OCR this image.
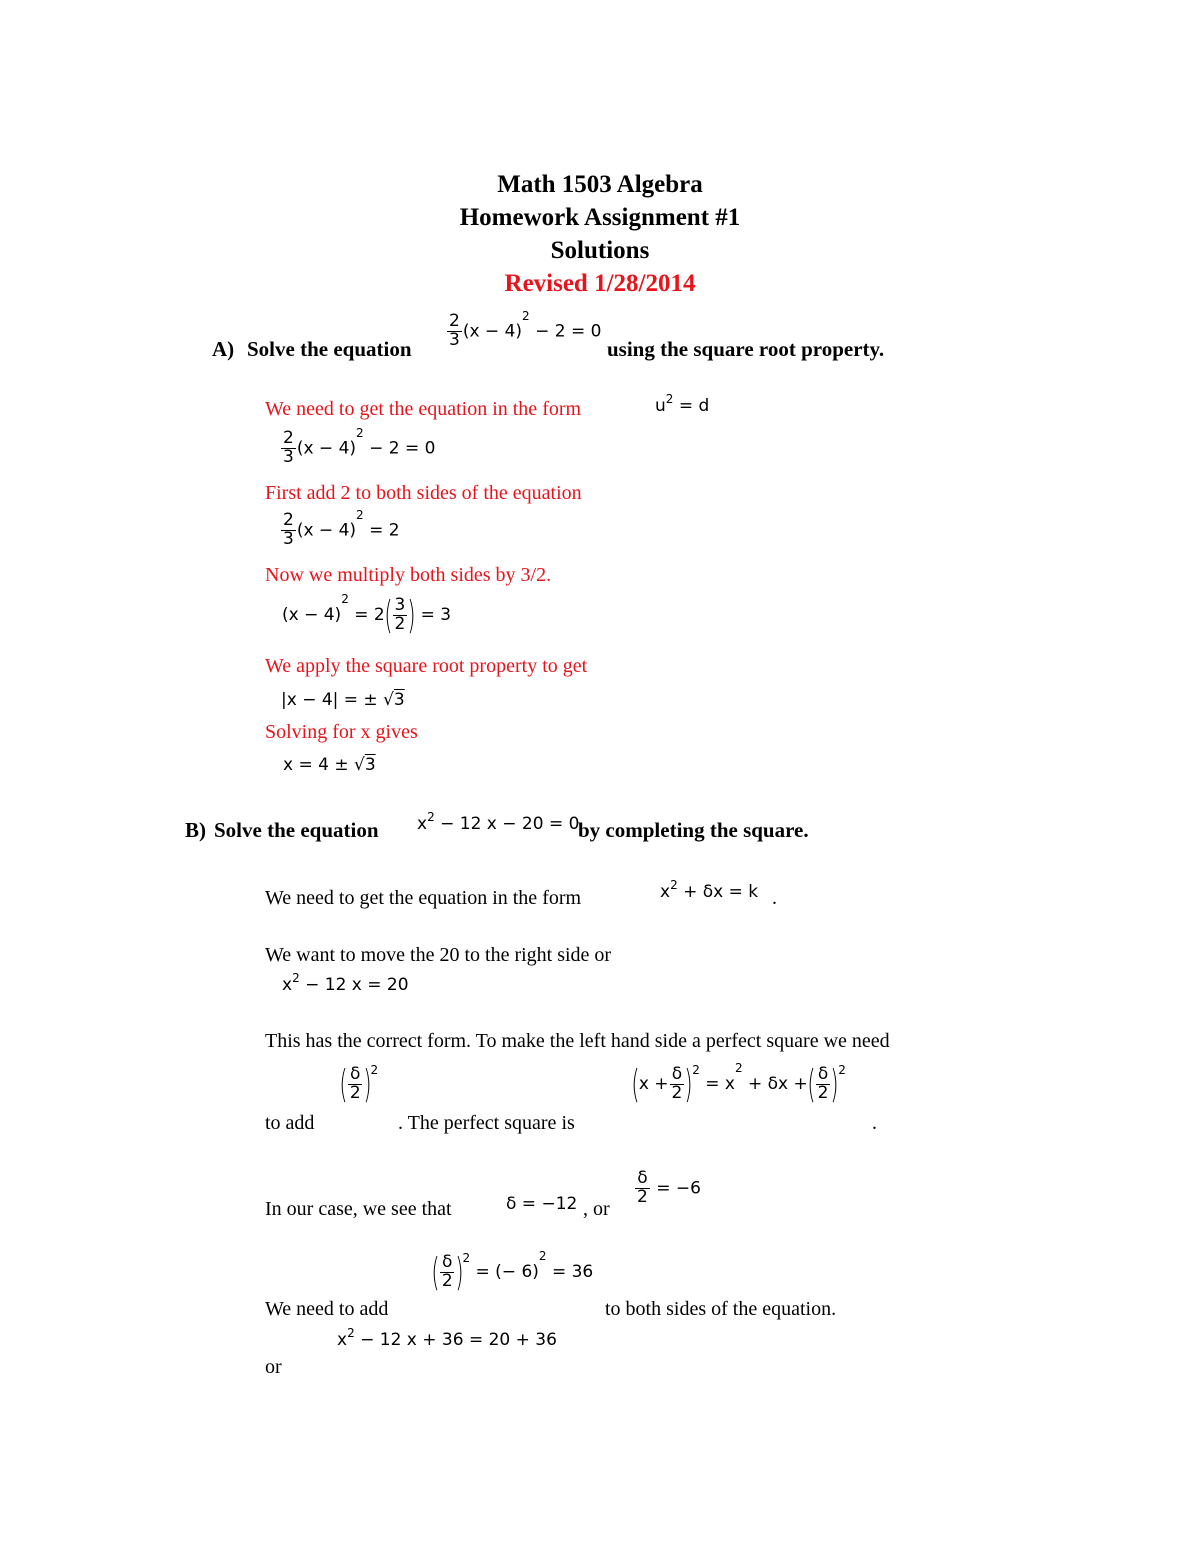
Math 1503 Algebra
Homework Assignment #1
Solutions
Revised 1/28/2014
A) Solve the equation $\frac{2}{3} (x - 4)^2 - 2 = 0$
using the square root property.
We need to get the equation in the form	$u^2 = d$
$\frac{2}{3} (x - 4)^2 - 2 = 0$
First add 2 to both sides of the equation
$\frac{2}{3} (x - 4)^2 = 2$
Now we multiply both sides by 3/2.
$(x - 4)^2 = 2( \frac{3}{2}$ ) = 3
We apply the square root property to get
|x − 4| = ± √3
Solving for x gives
x = 4 ± √3
B) Solve the equation $x^2 - 12$ x − 20 = 0
by completing the square.
We need to get the equation in the form	$x^2 + \delta x = k$ .
We want to move the 20 to the right side or
$x^2 - 12$ x = 20
This has the correct form. To make the left hand side a perfect square we need
to add
( $\frac{\delta}{2} )^2$
. The perfect square is
$(x + \frac{\delta}{2} )^2 = x^2 + \delta x$ +( $\frac{\delta}{2} )^2$
.
In our case, we see that	δ = −12 , or
$\frac{\delta}{2} = -6$
We need to add
( $\frac{\delta}{2} )^2$ = (− 6)$^2$ = 36
to both sides of the equation.
$x^2 - 12$ x + 36 = 20 + 36
or
